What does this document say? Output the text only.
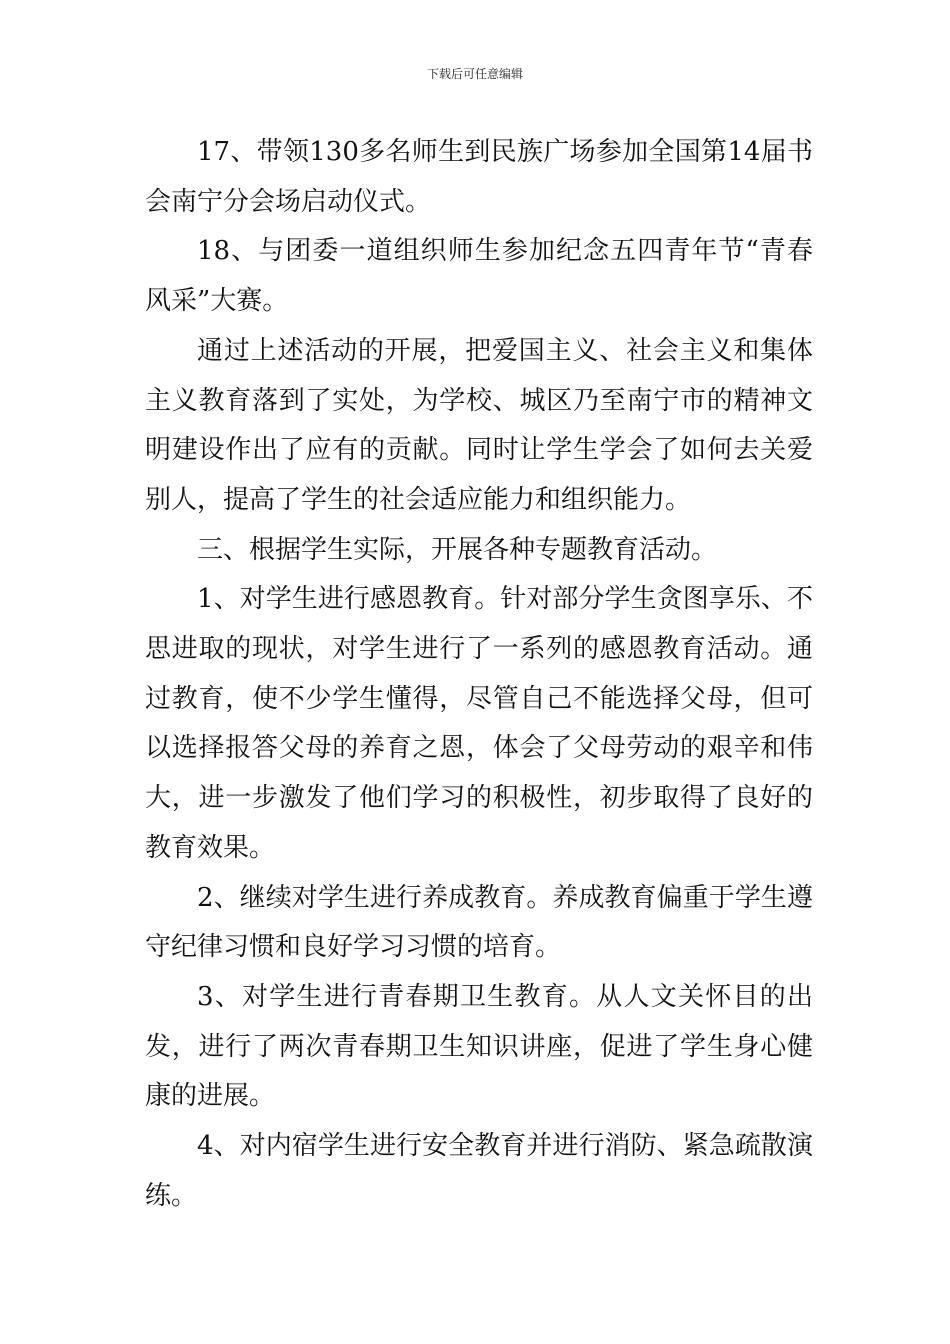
下载后可任意编辑

17、带领130多名师生到民族广场参加全国第14届书会南宁分会场启动仪式。

18、与团委一道组织师生参加纪念五四青年节“青春风采”大赛。

通过上述活动的开展，把爱国主义、社会主义和集体主义教育落到了实处，为学校、城区乃至南宁市的精神文明建设作出了应有的贡献。同时让学生学会了如何去关爱别人，提高了学生的社会适应能力和组织能力。

三、根据学生实际，开展各种专题教育活动。

1、对学生进行感恩教育。针对部分学生贪图享乐、不思进取的现状，对学生进行了一系列的感恩教育活动。通过教育，使不少学生懂得，尽管自己不能选择父母，但可以选择报答父母的养育之恩，体会了父母劳动的艰辛和伟大，进一步激发了他们学习的积极性，初步取得了良好的教育效果。

2、继续对学生进行养成教育。养成教育偏重于学生遵守纪律习惯和良好学习习惯的培育。

3、对学生进行青春期卫生教育。从人文关怀目的出发，进行了两次青春期卫生知识讲座，促进了学生身心健康的进展。

4、对内宿学生进行安全教育并进行消防、紧急疏散演练。
